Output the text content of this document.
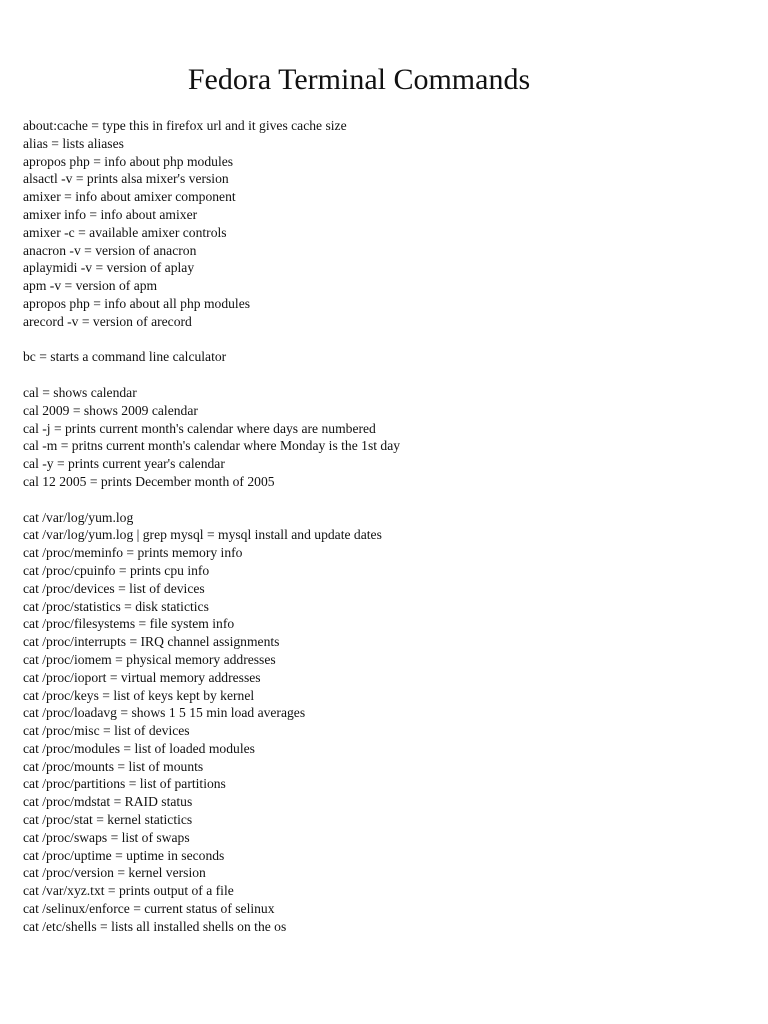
Fedora Terminal Commands
about:cache = type this in firefox url and it gives cache size
alias = lists aliases
apropos php = info about php modules
alsactl -v = prints alsa mixer's version
amixer = info about amixer component
amixer info = info about amixer
amixer -c = available amixer controls
anacron -v = version of anacron
aplaymidi -v = version of aplay
apm -v = version of apm
apropos php = info about all php modules
arecord -v = version of arecord
bc = starts a command line calculator
cal = shows calendar
cal 2009 = shows 2009 calendar
cal -j = prints current month's calendar where days are numbered
cal -m = pritns current month's calendar where Monday is the 1st day
cal -y = prints current year's calendar
cal 12 2005 = prints December month of 2005
cat /var/log/yum.log
cat /var/log/yum.log | grep mysql = mysql install and update dates
cat /proc/meminfo = prints memory info
cat /proc/cpuinfo = prints cpu info
cat /proc/devices = list of devices
cat /proc/statistics = disk statictics
cat /proc/filesystems = file system info
cat /proc/interrupts = IRQ channel assignments
cat /proc/iomem = physical memory addresses
cat /proc/ioport = virtual memory addresses
cat /proc/keys = list of keys kept by kernel
cat /proc/loadavg = shows 1 5 15 min load averages
cat /proc/misc = list of devices
cat /proc/modules = list of loaded modules
cat /proc/mounts = list of mounts
cat /proc/partitions = list of partitions
cat /proc/mdstat = RAID status
cat /proc/stat = kernel statictics
cat /proc/swaps = list of swaps
cat /proc/uptime = uptime in seconds
cat /proc/version = kernel version
cat /var/xyz.txt = prints output of a file
cat /selinux/enforce = current status of selinux
cat /etc/shells = lists all installed shells on the os
